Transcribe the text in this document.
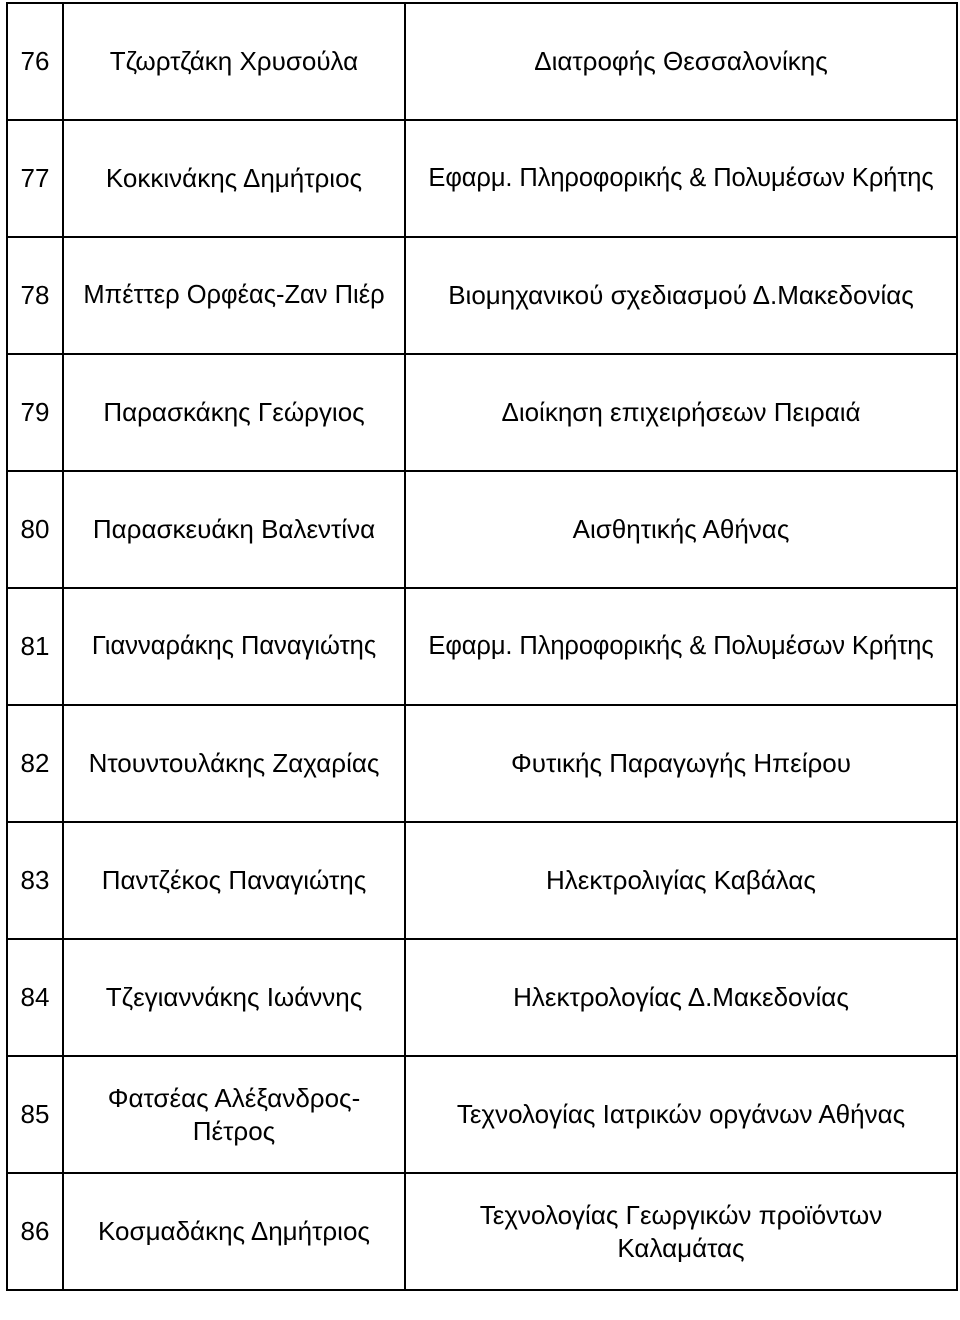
76	Τζωρτζάκη Χρυσούλα	Διατροφής Θεσσαλονίκης
77	Κοκκινάκης Δημήτριος	Εφαρμ. Πληροφορικής & Πολυμέσων Κρήτης
78	Μπέττερ Ορφέας-Ζαν Πιέρ	Βιομηχανικού σχεδιασμού Δ.Μακεδονίας
79	Παρασκάκης Γεώργιος	Διοίκηση επιχειρήσεων Πειραιά
80	Παρασκευάκη Βαλεντίνα	Αισθητικής Αθήνας
81	Γιανναράκης Παναγιώτης	Εφαρμ. Πληροφορικής & Πολυμέσων Κρήτης
82	Ντουντουλάκης Ζαχαρίας	Φυτικής Παραγωγής Ηπείρου
83	Παντζέκος Παναγιώτης	Ηλεκτρολιγίας Καβάλας
84	Τζεγιαννάκης Ιωάννης	Ηλεκτρολογίας Δ.Μακεδονίας
85	Φατσέας Αλέξανδρος-Πέτρος	Τεχνολογίας Ιατρικών οργάνων Αθήνας
86	Κοσμαδάκης Δημήτριος	Τεχνολογίας Γεωργικών προϊόντων Καλαμάτας
